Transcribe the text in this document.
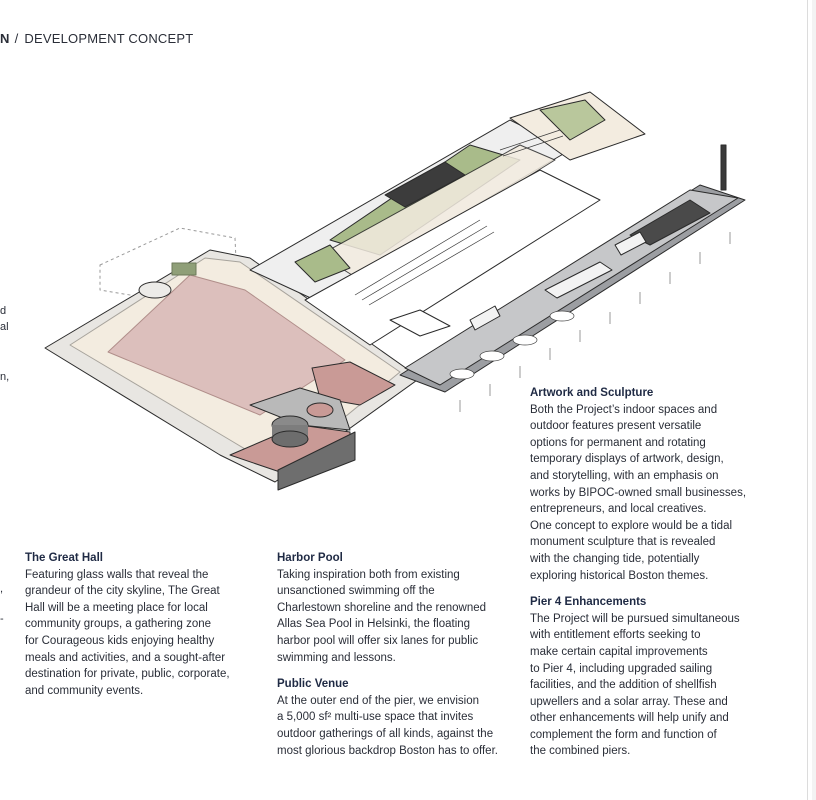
N / DEVELOPMENT CONCEPT
d
al
n,
,
-
The Great Hall

Featuring glass walls that reveal the

grandeur of the city skyline, The Great

Hall will be a meeting place for local

community groups, a gathering zone

for Courageous kids enjoying healthy

meals and activities, and a sought-after

destination for private, public, corporate,

and community events.

Harbor Pool

Taking inspiration both from existing

unsanctioned swimming off the

Charlestown shoreline and the renowned

Allas Sea Pool in Helsinki, the floating

harbor pool will offer six lanes for public

swimming and lessons.

Public Venue

At the outer end of the pier, we envision

a 5,000 sf² multi-use space that invites

outdoor gatherings of all kinds, against the

most glorious backdrop Boston has to offer.

Artwork and Sculpture

Both the Project’s indoor spaces and

outdoor features present versatile

options for permanent and rotating

temporary displays of artwork, design,

and storytelling, with an emphasis on

works by BIPOC-owned small businesses,

entrepreneurs, and local creatives.

One concept to explore would be a tidal

monument sculpture that is revealed

with the changing tide, potentially

exploring historical Boston themes.

Pier 4 Enhancements

The Project will be pursued simultaneous

with entitlement efforts seeking to

make certain capital improvements

to Pier 4, including upgraded sailing

facilities, and the addition of shellfish

upwellers and a solar array. These and

other enhancements will help unify and

complement the form and function of

the combined piers.
